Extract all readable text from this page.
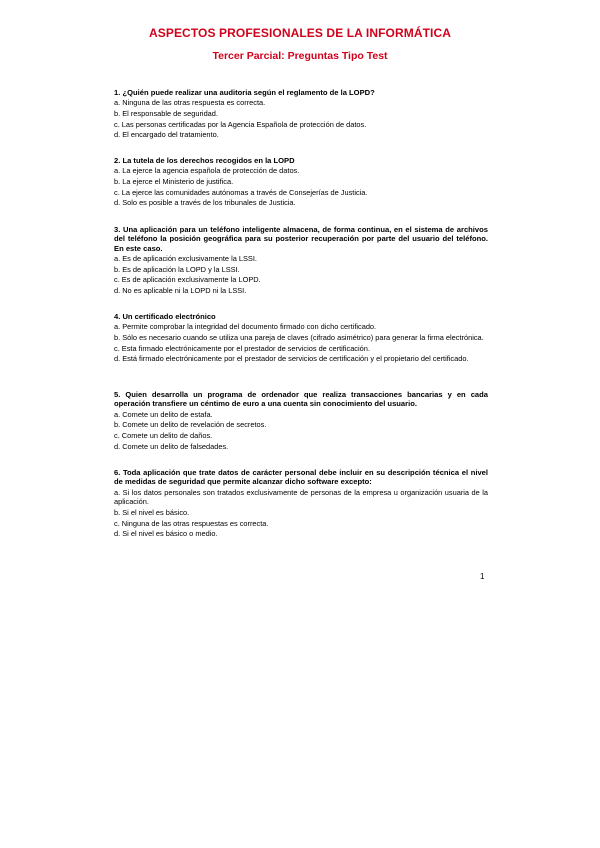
ASPECTOS PROFESIONALES DE LA INFORMÁTICA
Tercer Parcial: Preguntas Tipo Test

1. ¿Quién puede realizar una auditoria según el reglamento de la LOPD?

a. Ninguna de las otras respuesta es correcta.

b. El responsable de seguridad.

c. Las personas certificadas por la Agencia Española de protección de datos.

d. El encargado del tratamiento.

2. La tutela de los derechos recogidos en la LOPD

a. La ejerce la agencia española de protección de datos.

b. La ejerce el Ministerio de justifica.

c. La ejerce las comunidades autónomas a través de Consejerías de Justicia.

d. Solo es posible a través de los tribunales de Justicia.

3. Una aplicación para un teléfono inteligente almacena, de forma continua, en el sistema de archivos del teléfono la posición geográfica para su posterior recuperación por parte del usuario del teléfono. En este caso.

a. Es de aplicación exclusivamente la LSSI.

b. Es de aplicación la LOPD y la LSSI.

c. Es de aplicación exclusivamente la LOPD.

d. No es aplicable ni la LOPD ni la LSSI.

4. Un certificado electrónico

a. Permite comprobar la integridad del documento firmado con dicho certificado.

b. Sólo es necesario cuando se utiliza una pareja de claves (cifrado asimétrico) para generar la firma electrónica.

c. Esta firmado electrónicamente por el prestador de servicios de certificación.

d. Está firmado electrónicamente por el prestador de servicios de certificación y el propietario del certificado.

5. Quien desarrolla un programa de ordenador que realiza transacciones bancarias y en cada operación transfiere un céntimo de euro a una cuenta sin conocimiento del usuario.

a. Comete un delito de estafa.

b. Comete un delito de revelación de secretos.

c. Comete un delito de daños.

d. Comete un delito de falsedades.

6. Toda aplicación que trate datos de carácter personal debe incluir en su descripción técnica el nivel de medidas de seguridad que permite alcanzar dicho software excepto:

a. Si los datos personales son tratados exclusivamente de personas de la empresa u organización usuaria de la aplicación.

b. Si el nivel es básico.

c. Ninguna de las otras respuestas es correcta.

d. Si el nivel es básico o medio.

1
